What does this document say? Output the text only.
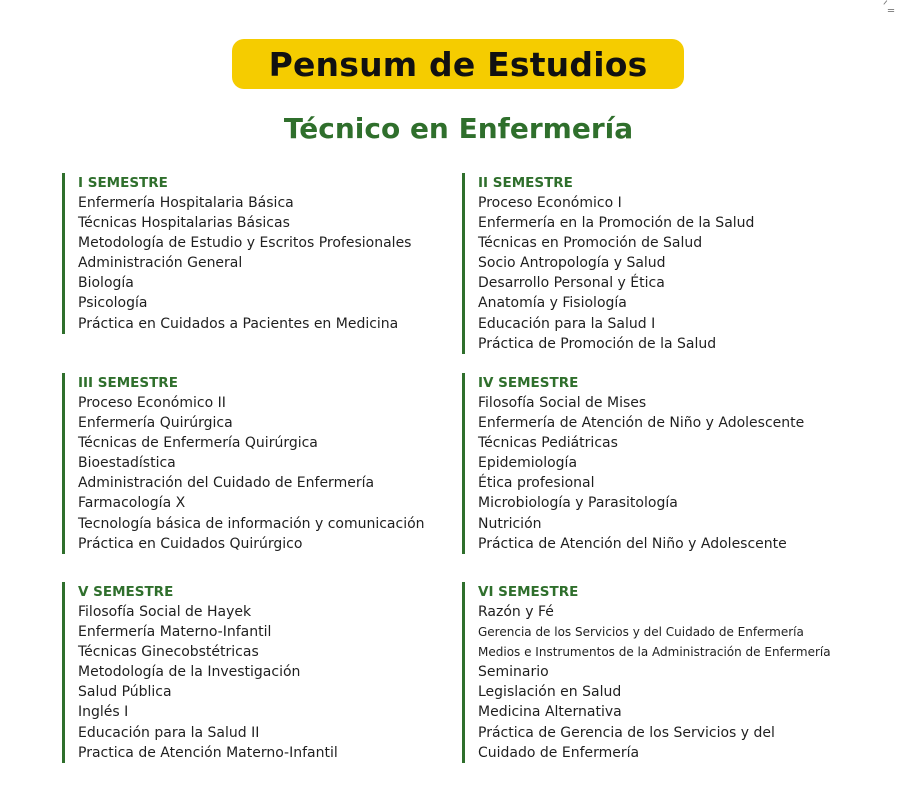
ᐟ‗
Pensum de Estudios
Técnico en Enfermería
I SEMESTRE
Enfermería Hospitalaria Básica
Técnicas Hospitalarias Básicas
Metodología de Estudio y Escritos Profesionales
Administración General
Biología
Psicología
Práctica en Cuidados a Pacientes en Medicina
II SEMESTRE
Proceso Económico I
Enfermería en la Promoción de la Salud
Técnicas en Promoción de Salud
Socio Antropología y Salud
Desarrollo Personal y Ética
Anatomía y Fisiología
Educación para la Salud I
Práctica de Promoción de la Salud
III SEMESTRE
Proceso Económico II
Enfermería Quirúrgica
Técnicas de Enfermería Quirúrgica
Bioestadística
Administración del Cuidado de Enfermería
Farmacología X
Tecnología básica de información y comunicación
Práctica en Cuidados Quirúrgico
IV SEMESTRE
Filosofía Social de Mises
Enfermería de Atención de Niño y Adolescente
Técnicas Pediátricas
Epidemiología
Ética profesional
Microbiología y Parasitología
Nutrición
Práctica de Atención del Niño y Adolescente
V SEMESTRE
Filosofía Social de Hayek
Enfermería Materno-Infantil
Técnicas Ginecobstétricas
Metodología de la Investigación
Salud Pública
Inglés I
Educación para la Salud II
Practica de Atención Materno-Infantil
VI SEMESTRE
Razón y Fé
Gerencia de los Servicios y del Cuidado de Enfermería
Medios e Instrumentos de la Administración de Enfermería
Seminario
Legislación en Salud
Medicina Alternativa
Práctica de Gerencia de los Servicios y del
Cuidado de Enfermería
